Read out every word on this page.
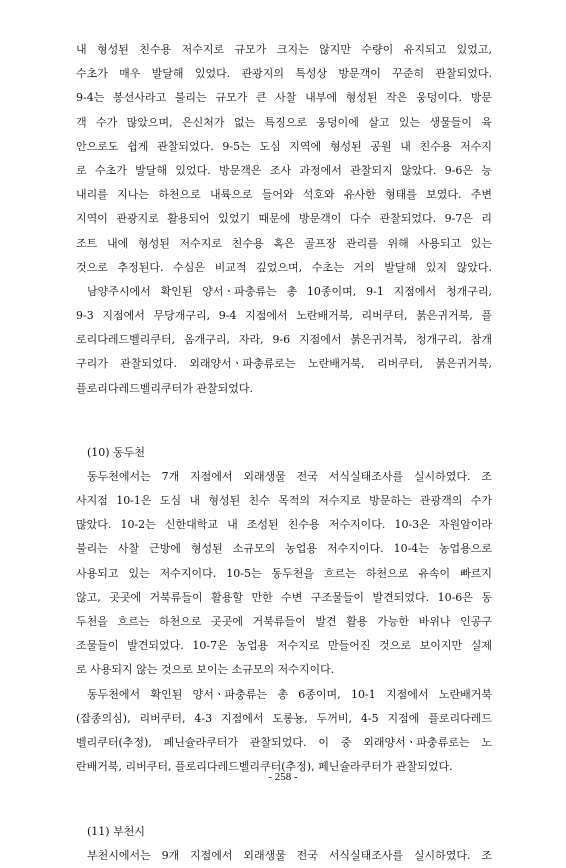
내 형성된 친수용 저수지로 규모가 크지는 않지만 수량이 유지되고 있었고,
수초가 매우 발달해 있었다. 관광지의 특성상 방문객이 꾸준히 관찰되었다.
9-4는 봉선사라고 불리는 규모가 큰 사찰 내부에 형성된 작은 웅덩이다. 방문
객 수가 많았으며, 은신처가 없는 특징으로 웅덩이에 살고 있는 생물들이 육
안으로도 쉽게 관찰되었다. 9-5는 도심 지역에 형성된 공원 내 친수용 저수지
로 수초가 발달해 있었다. 방문객은 조사 과정에서 관찰되지 않았다. 9-6은 능
내리를 지나는 하천으로 내륙으로 들어와 석호와 유사한 형태를 보였다. 주변
지역이 관광지로 활용되어 있었기 때문에 방문객이 다수 관찰되었다. 9-7은 리
조트 내에 형성된 저수지로 친수용 혹은 골프장 관리를 위해 사용되고 있는
것으로 추정된다. 수심은 비교적 깊었으며, 수초는 거의 발달해 있지 않았다.
남양주시에서 확인된 양서ㆍ파충류는 총 10종이며, 9-1 지점에서 청개구리,
9-3 지점에서 무당개구리, 9-4 지점에서 노란배거북, 리버쿠터, 붉은귀거북, 플
로리다레드벨리쿠터, 옴개구리, 자라, 9-6 지점에서 붉은귀거북, 청개구리, 참개
구리가 관찰되었다. 외래양서ㆍ파충류로는 노란배거북, 리버쿠터, 붉은귀거북,
플로리다레드벨리쿠터가 관찰되었다.
(10) 동두천
동두천에서는 7개 지점에서 외래생물 전국 서식실태조사를 실시하였다. 조
사지점 10-1은 도심 내 형성된 친수 목적의 저수지로 방문하는 관광객의 수가
많았다. 10-2는 신한대학교 내 조성된 친수용 저수지이다. 10-3은 자원암이라
불리는 사찰 근방에 형성된 소규모의 농업용 저수지이다. 10-4는 농업용으로
사용되고 있는 저수지이다. 10-5는 동두천을 흐르는 하천으로 유속이 빠르지
않고, 곳곳에 거북류들이 활용할 만한 수변 구조물들이 발견되었다. 10-6은 동
두천을 흐르는 하천으로 곳곳에 거북류들이 발견 활용 가능한 바위나 인공구
조물들이 발견되었다. 10-7은 농업용 저수지로 만들어진 것으로 보이지만 실제
로 사용되지 않는 것으로 보이는 소규모의 저수지이다.
동두천에서 확인된 양서ㆍ파충류는 총 6종이며, 10-1 지점에서 노란배거북
(잡종의심), 리버쿠터, 4-3 지점에서 도롱뇽, 두꺼비, 4-5 지점에 플로리다레드
벨리쿠터(추정), 페닌슐라쿠터가 관찰되었다. 이 중 외래양서ㆍ파충류로는 노
란배거북, 리버쿠터, 플로리다레드벨리쿠터(추정), 페닌슐라쿠터가 관찰되었다.
(11) 부천시
부천시에서는 9개 지점에서 외래생물 전국 서식실태조사를 실시하였다. 조
- 258 -
